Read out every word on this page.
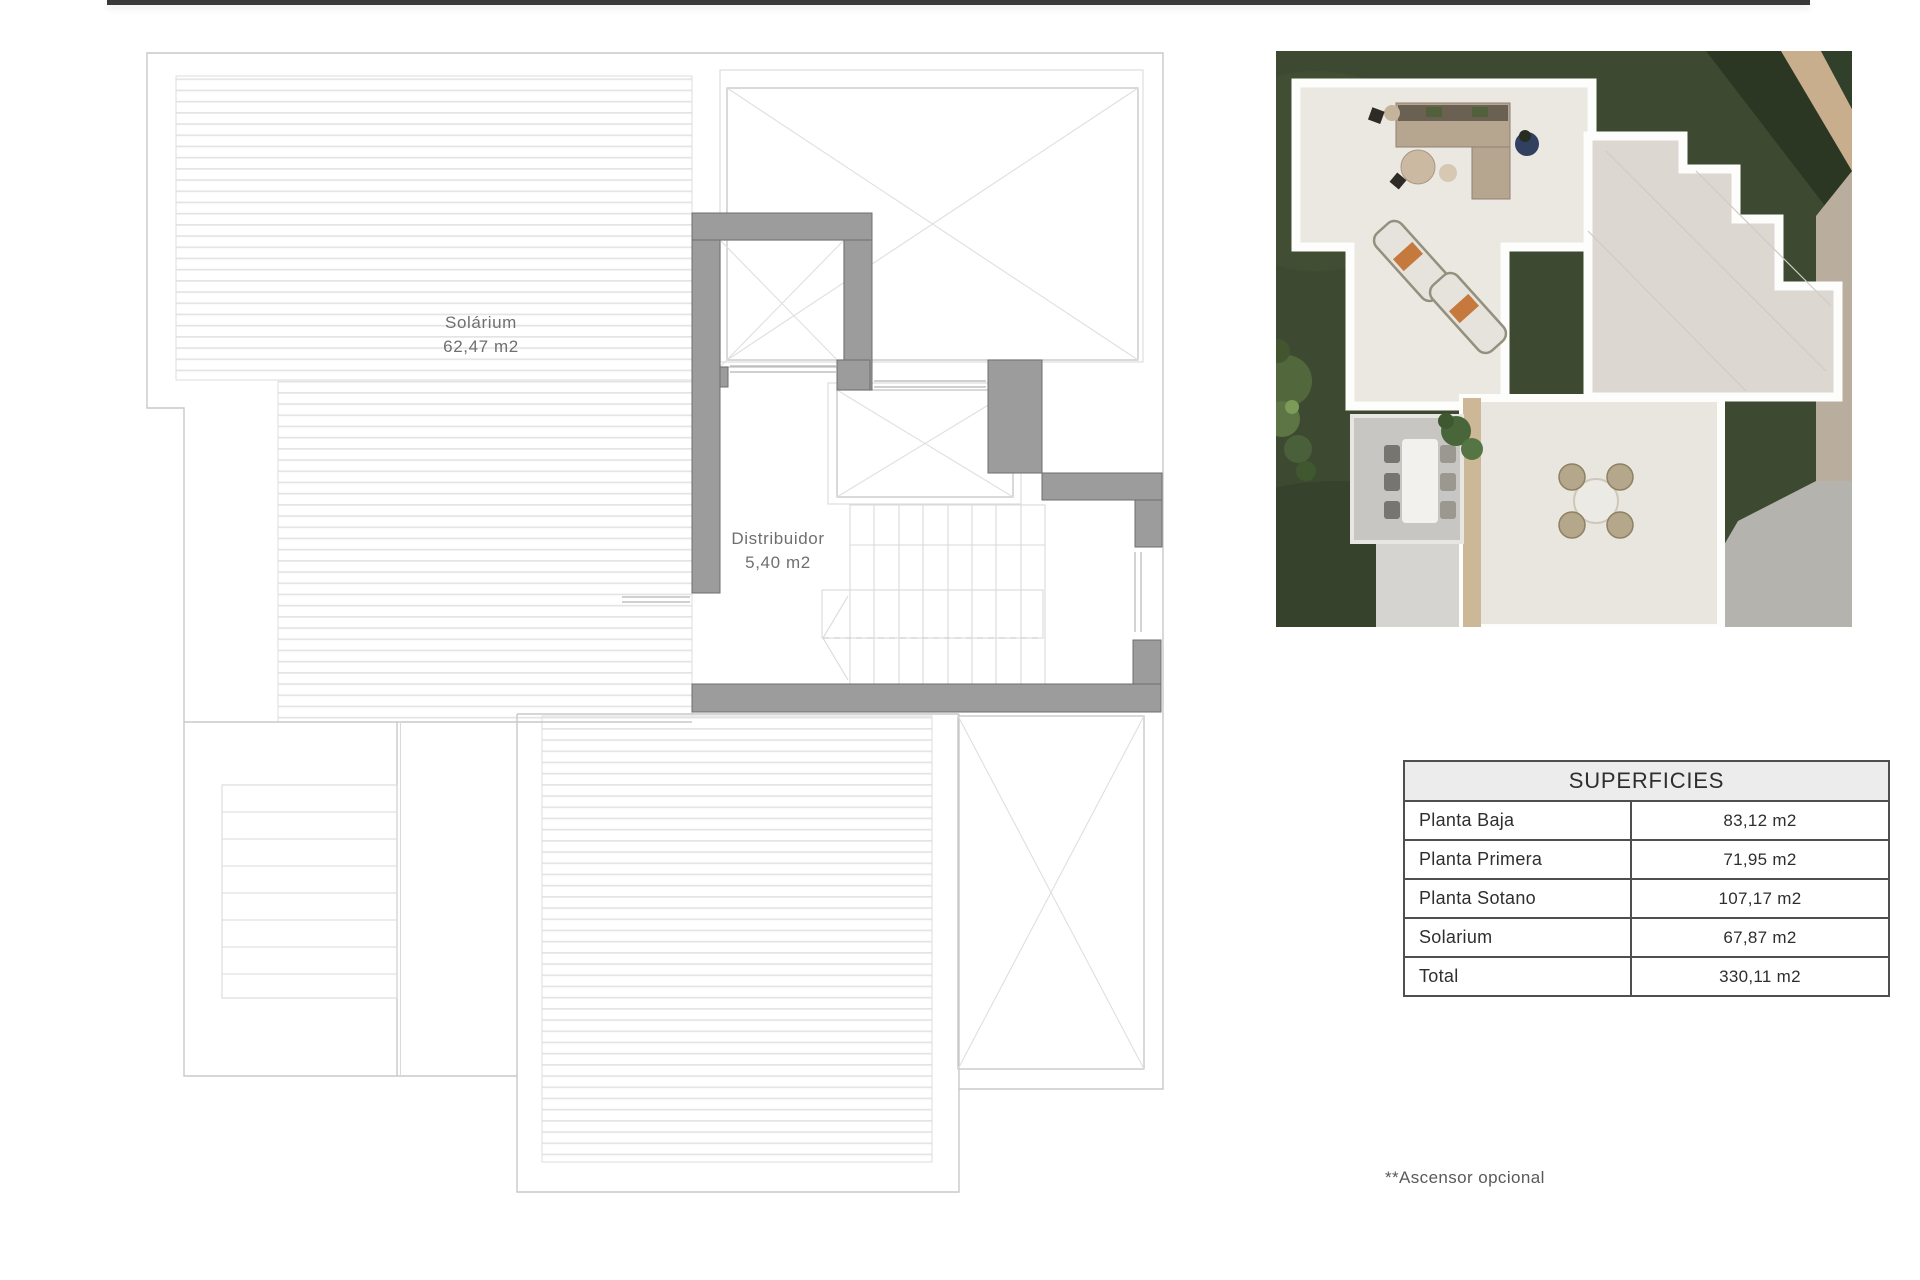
Solárium
62,47 m2
Distribuidor
5,40 m2
SUPERFICIES	
Planta Baja	83,12 m2
Planta Primera	71,95 m2
Planta Sotano	107,17 m2
Solarium	67,87 m2
Total	330,11 m2
**Ascensor opcional
